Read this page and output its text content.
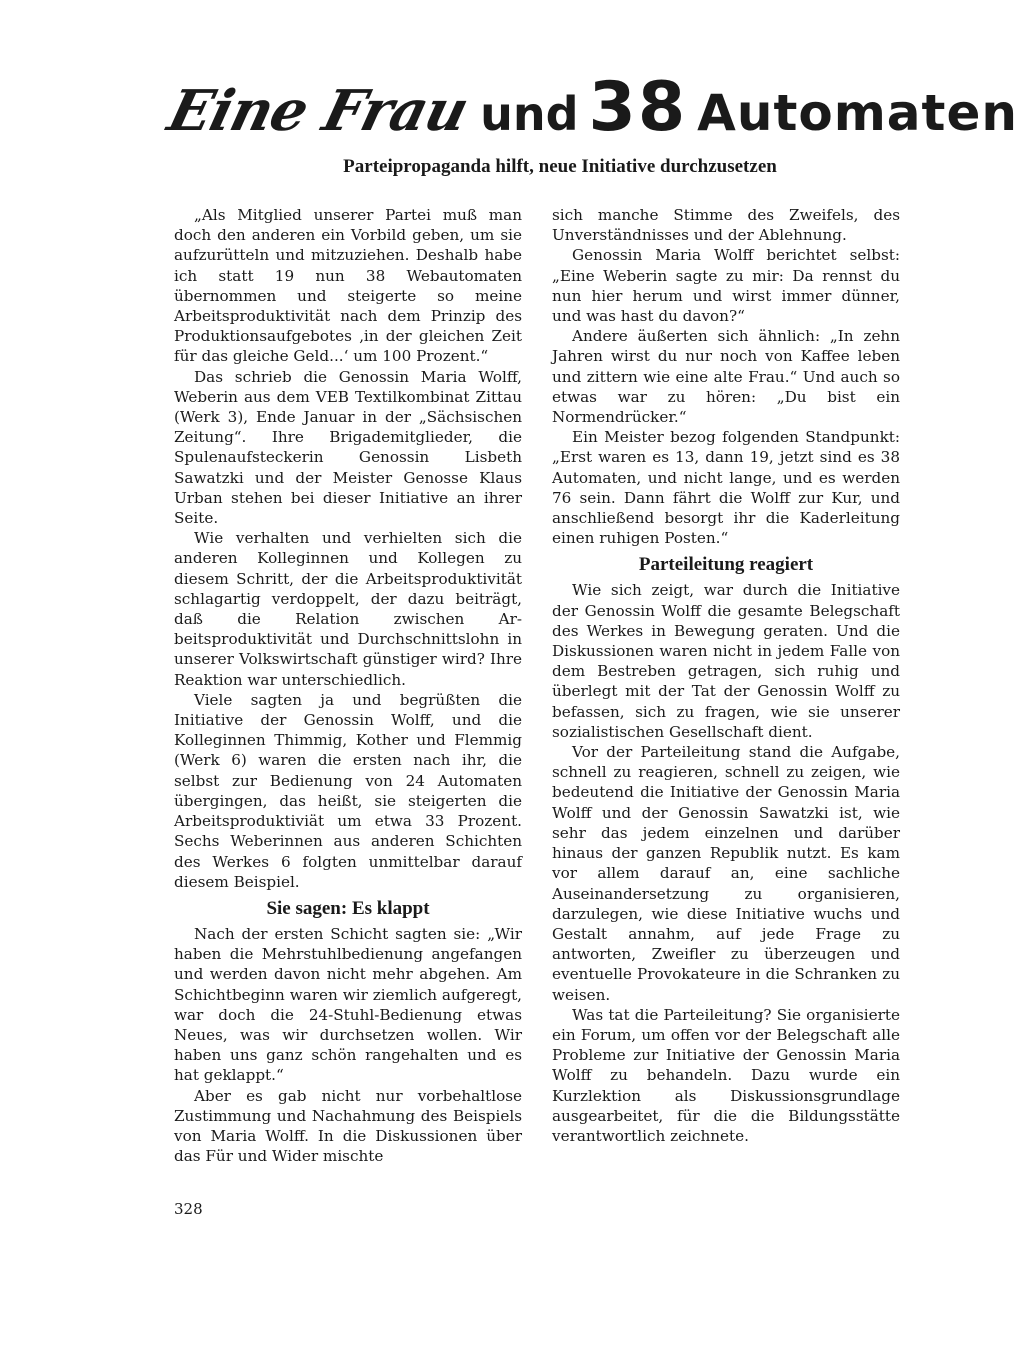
Eine Frau und 38 Automaten
Parteipropaganda hilft, neue Initiative durchzusetzen

„Als Mitglied unserer Partei muß man doch den anderen ein Vorbild geben, um sie aufzurütteln und mitzuziehen. Deshalb habe ich statt 19 nun 38 Webautomaten übernommen und steigerte so meine Arbeitsproduktivität nach dem Prinzip des Produktionsaufgebotes ‚in der gleichen Zeit für das gleiche Geld...‘ um 100 Prozent.“

Das schrieb die Genossin Maria Wolff, Weberin aus dem VEB Textilkombinat Zittau (Werk 3), Ende Januar in der „Sächsischen Zeitung“. Ihre Brigademitglieder, die Spulenaufsteckerin Genossin Lisbeth Sawatzki und der Meister Genosse Klaus Urban stehen bei dieser Initiative an ihrer Seite.

Wie verhalten und verhielten sich die anderen Kolleginnen und Kollegen zu diesem Schritt, der die Arbeitsproduktivität schlagartig verdoppelt, der dazu beiträgt, daß die Relation zwischen Arbeitsproduktivität und Durchschnittslohn in unserer Volkswirtschaft günstiger wird? Ihre Reaktion war unterschiedlich.

Viele sagten ja und begrüßten die Initiative der Genossin Wolff, und die Kolleginnen Thimmig, Kother und Flemmig (Werk 6) waren die ersten nach ihr, die selbst zur Bedienung von 24 Automaten übergingen, das heißt, sie steigerten die Arbeitsproduktiviät um etwa 33 Prozent. Sechs Weberinnen aus anderen Schichten des Werkes 6 folgten unmittelbar darauf diesem Beispiel.

Sie sagen: Es klappt

Nach der ersten Schicht sagten sie: „Wir haben die Mehrstuhlbedienung angefangen und werden davon nicht mehr abgehen. Am Schichtbeginn waren wir ziemlich aufgeregt, war doch die 24-Stuhl-Bedienung etwas Neues, was wir durchsetzen wollen. Wir haben uns ganz schön rangehalten und es hat geklappt.“

Aber es gab nicht nur vorbehaltlose Zustimmung und Nachahmung des Beispiels von Maria Wolff. In die Diskussionen über das Für und Wider mischte

sich manche Stimme des Zweifels, des Unverständnisses und der Ablehnung.

Genossin Maria Wolff berichtet selbst: „Eine Weberin sagte zu mir: Da rennst du nun hier herum und wirst immer dünner, und was hast du davon?“

Andere äußerten sich ähnlich: „In zehn Jahren wirst du nur noch von Kaffee leben und zittern wie eine alte Frau.“ Und auch so etwas war zu hören: „Du bist ein Normendrücker.“

Ein Meister bezog folgenden Standpunkt: „Erst waren es 13, dann 19, jetzt sind es 38 Automaten, und nicht lange, und es werden 76 sein. Dann fährt die Wolff zur Kur, und anschließend besorgt ihr die Kaderleitung einen ruhigen Posten.“

Parteileitung reagiert

Wie sich zeigt, war durch die Initiative der Genossin Wolff die gesamte Belegschaft des Werkes in Bewegung geraten. Und die Diskussionen waren nicht in jedem Falle von dem Bestreben getragen, sich ruhig und überlegt mit der Tat der Genossin Wolff zu befassen, sich zu fragen, wie sie unserer sozialistischen Gesellschaft dient.

Vor der Parteileitung stand die Aufgabe, schnell zu reagieren, schnell zu zeigen, wie bedeutend die Initiative der Genossin Maria Wolff und der Genossin Sawatzki ist, wie sehr das jedem einzelnen und darüber hinaus der ganzen Republik nutzt. Es kam vor allem darauf an, eine sachliche Auseinandersetzung zu organisieren, darzulegen, wie diese Initiative wuchs und Gestalt annahm, auf jede Frage zu antworten, Zweifler zu überzeugen und eventuelle Provokateure in die Schranken zu weisen.

Was tat die Parteileitung? Sie organisierte ein Forum, um offen vor der Belegschaft alle Probleme zur Initiative der Genossin Maria Wolff zu behandeln. Dazu wurde ein Kurzlektion als Diskussionsgrundlage ausgearbeitet, für die die Bildungsstätte verantwortlich zeichnete.

328
